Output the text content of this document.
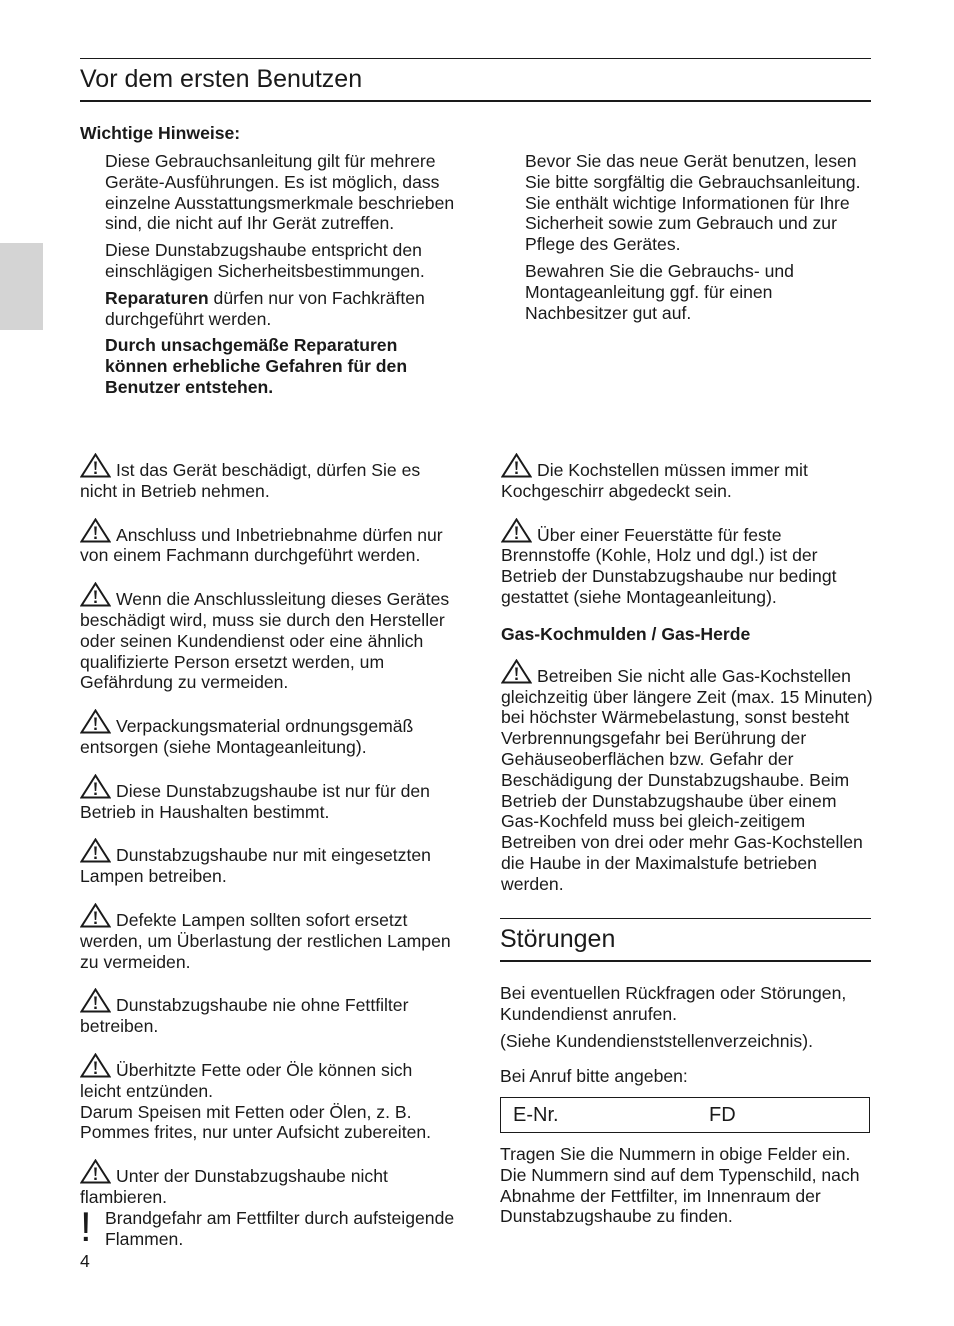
Vor dem ersten Benutzen
Wichtige Hinweise:

Diese Gebrauchsanleitung gilt für mehrere Geräte-Ausführungen. Es ist möglich, dass einzelne Ausstattungsmerkmale beschrieben sind, die nicht auf Ihr Gerät zutreffen.

Diese Dunstabzugshaube entspricht den einschlägigen Sicherheitsbestimmungen.

Reparaturen dürfen nur von Fachkräften durchgeführt werden.

Durch unsachgemäße Reparaturen können erhebliche Gefahren für den Benutzer entstehen.

Bevor Sie das neue Gerät benutzen, lesen Sie bitte sorgfältig die Gebrauchsanleitung. Sie enthält wichtige Informationen für Ihre Sicherheit sowie zum Gebrauch und zur Pflege des Gerätes.

Bewahren Sie die Gebrauchs- und Montageanleitung ggf. für einen Nachbesitzer gut auf.

Ist das Gerät beschädigt, dürfen Sie es nicht in Betrieb nehmen.

Anschluss und Inbetriebnahme dürfen nur von einem Fachmann durchgeführt werden.

Wenn die Anschlussleitung dieses Gerätes beschädigt wird, muss sie durch den Hersteller oder seinen Kundendienst oder eine ähnlich qualifizierte Person ersetzt werden, um Gefährdung zu vermeiden.

Verpackungsmaterial ordnungsgemäß entsorgen (siehe Montageanleitung).

Diese Dunstabzugshaube ist nur für den Betrieb in Haushalten bestimmt.

Dunstabzugshaube nur mit eingesetzten Lampen betreiben.

Defekte Lampen sollten sofort ersetzt werden, um Überlastung der restlichen Lampen zu vermeiden.

Dunstabzugshaube nie ohne Fettfilter betreiben.

Überhitzte Fette oder Öle können sich leicht entzünden.

Darum Speisen mit Fetten oder Ölen, z. B. Pommes frites, nur unter Aufsicht zubereiten.

Unter der Dunstabzugshaube nicht flambieren.

! Brandgefahr am Fettfilter durch aufsteigende Flammen.

Die Kochstellen müssen immer mit Kochgeschirr abgedeckt sein.

Über einer Feuerstätte für feste Brennstoffe (Kohle, Holz und dgl.) ist der Betrieb der Dunstabzugshaube nur bedingt gestattet (siehe Montageanleitung).

Gas-Kochmulden / Gas-Herde

Betreiben Sie nicht alle Gas-Kochstellen gleichzeitig über längere Zeit (max. 15 Minuten) bei höchster Wärmebelastung, sonst besteht Verbrennungsgefahr bei Berührung der Gehäuseoberflächen bzw. Gefahr der Beschädigung der Dunstabzugshaube. Beim Betrieb der Dunstabzugshaube über einem Gas-Kochfeld muss bei gleich-zeitigem Betreiben von drei oder mehr Gas-Kochstellen die Haube in der Maximalstufe betrieben werden.

Störungen

Bei eventuellen Rückfragen oder Störungen, Kundendienst anrufen.

(Siehe Kundendienststellenverzeichnis).

Bei Anruf bitte angeben:
E-Nr.	FD
Tragen Sie die Nummern in obige Felder ein. Die Nummern sind auf dem Typenschild, nach Abnahme der Fettfilter, im Innenraum der Dunstabzugshaube zu finden.
4
